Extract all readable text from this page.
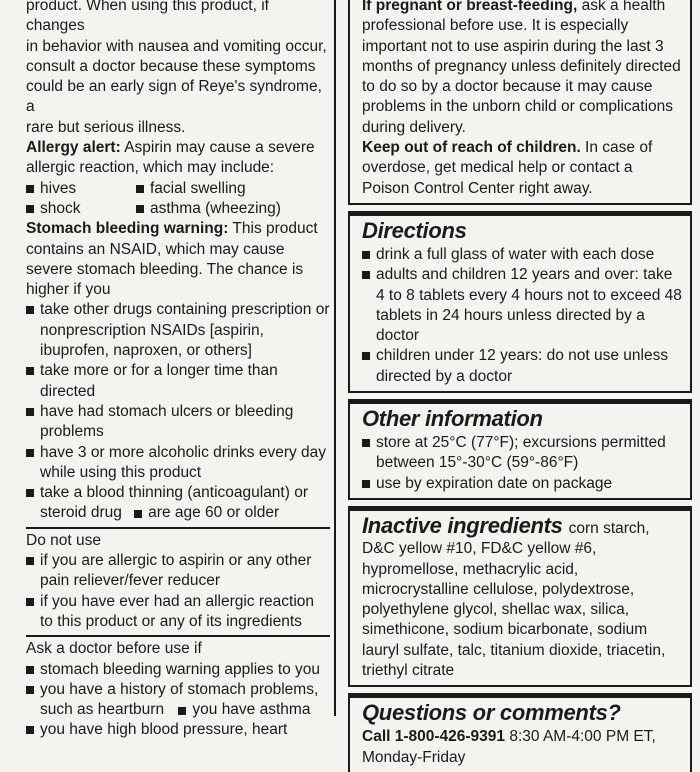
product. When using this product, if changes
in behavior with nausea and vomiting occur,
consult a doctor because these symptoms
could be an early sign of Reye's syndrome, a
rare but serious illness.

Allergy alert: Aspirin may cause a severe allergic reaction, which may include:

hives	facial swelling
shock	asthma (wheezing)

Stomach bleeding warning: This product contains an NSAID, which may cause severe stomach bleeding. The chance is higher if you

take other drugs containing prescription or nonprescription NSAIDs [aspirin, ibuprofen, naproxen, or others]
take more or for a longer time than directed
have had stomach ulcers or bleeding problems
have 3 or more alcoholic drinks every day while using this product
take a blood thinning (anticoagulant) or steroid drug are age 60 or older
Do not use
if you are allergic to aspirin or any other pain reliever/fever reducer
if you have ever had an allergic reaction to this product or any of its ingredients
Ask a doctor before use if
stomach bleeding warning applies to you
you have a history of stomach problems, such as heartburn you have asthma
you have high blood pressure, heart

If pregnant or breast-feeding, ask a health professional before use. It is especially important not to use aspirin during the last 3 months of pregnancy unless definitely directed to do so by a doctor because it may cause problems in the unborn child or complications during delivery.

Keep out of reach of children. In case of overdose, get medical help or contact a Poison Control Center right away.

Directions
drink a full glass of water with each dose
adults and children 12 years and over: take 4 to 8 tablets every 4 hours not to exceed 48 tablets in 24 hours unless directed by a doctor
children under 12 years: do not use unless directed by a doctor
Other information
store at 25°C (77°F); excursions permitted between 15°-30°C (59°-86°F)
use by expiration date on package

Inactive ingredients corn starch, D&C yellow #10, FD&C yellow #6, hypromellose, methacrylic acid, microcrystalline cellulose, polydextrose, polyethylene glycol, shellac wax, silica, simethicone, sodium bicarbonate, sodium lauryl sulfate, talc, titanium dioxide, triacetin, triethyl citrate

Questions or comments?

Call 1-800-426-9391 8:30 AM-4:00 PM ET,

Monday-Friday
